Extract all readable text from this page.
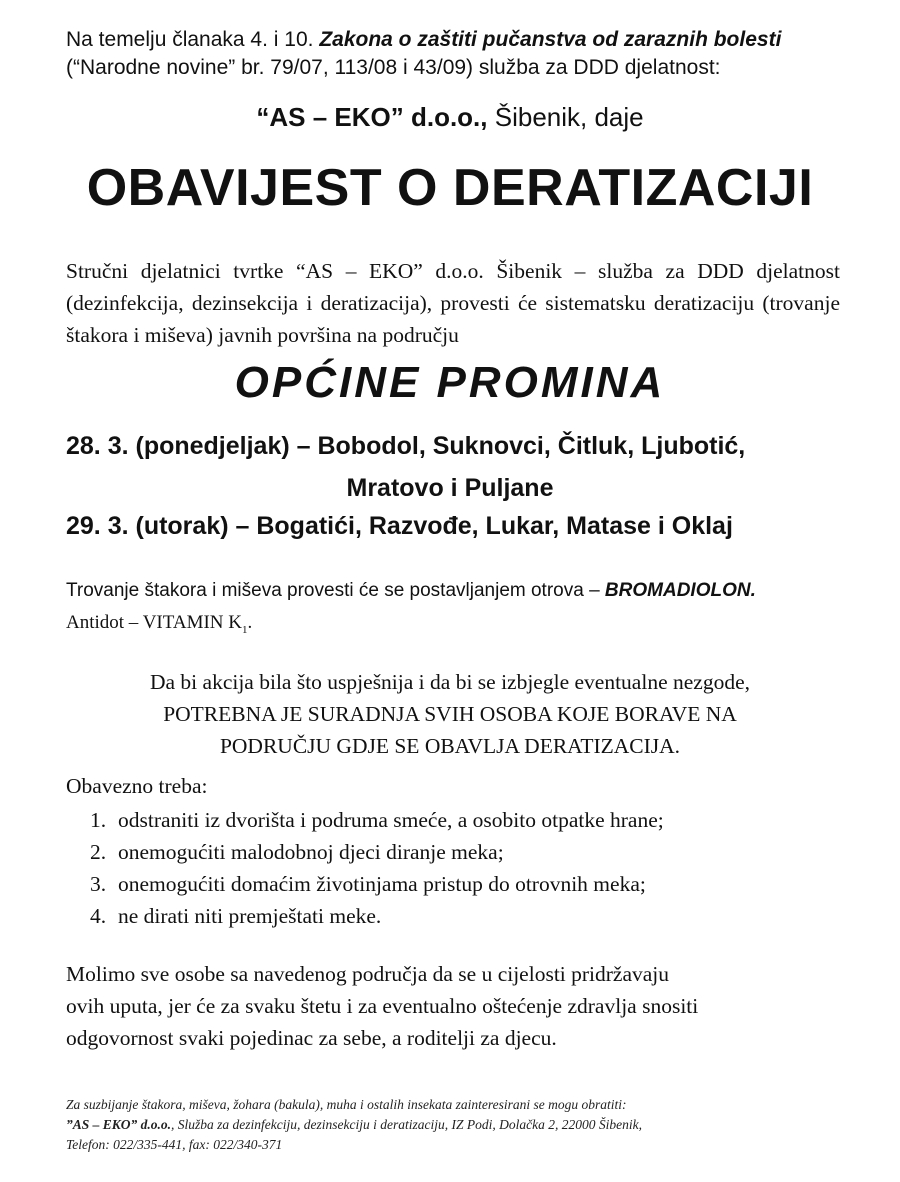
Na temelju članaka 4. i 10. Zakona o zaštiti pučanstva od zaraznih bolesti
(“Narodne novine” br. 79/07, 113/08 i 43/09) služba za DDD djelatnost:
“AS – EKO” d.o.o., Šibenik, daje
OBAVIJEST O DERATIZACIJI
Stručni djelatnici tvrtke “AS – EKO” d.o.o. Šibenik – služba za DDD djelatnost (dezinfekcija, dezinsekcija i deratizacija), provesti će sistematsku deratizaciju (trovanje štakora i miševa) javnih površina na području
OPĆINE PROMINA
28. 3. (ponedjeljak) – Bobodol, Suknovci, Čitluk, Ljubotić,
Mratovo i Puljane
29. 3. (utorak) – Bogatići, Razvođe, Lukar, Matase i Oklaj
Trovanje štakora i miševa provesti će se postavljanjem otrova – BROMADIOLON.
Antidot – VITAMIN $K_1$.
Da bi akcija bila što uspješnija i da bi se izbjegle eventualne nezgode,
POTREBNA JE SURADNJA SVIH OSOBA KOJE BORAVE NA
PODRUČJU GDJE SE OBAVLJA DERATIZACIJA.
Obavezno treba:
1. odstraniti iz dvorišta i podruma smeće, a osobito otpatke hrane;
2. onemogućiti malodobnoj djeci diranje meka;
3. onemogućiti domaćim životinjama pristup do otrovnih meka;
4. ne dirati niti premještati meke.
Molimo sve osobe sa navedenog područja da se u cijelosti pridržavaju
ovih uputa, jer će za svaku štetu i za eventualno oštećenje zdravlja snositi
odgovornost svaki pojedinac za sebe, a roditelji za djecu.
Za suzbijanje štakora, miševa, žohara (bakula), muha i ostalih insekata zainteresirani se mogu obratiti:
”AS – EKO” d.o.o., Služba za dezinfekciju, dezinsekciju i deratizaciju, IZ Podi, Dolačka 2, 22000 Šibenik,
Telefon: 022/335-441, fax: 022/340-371
